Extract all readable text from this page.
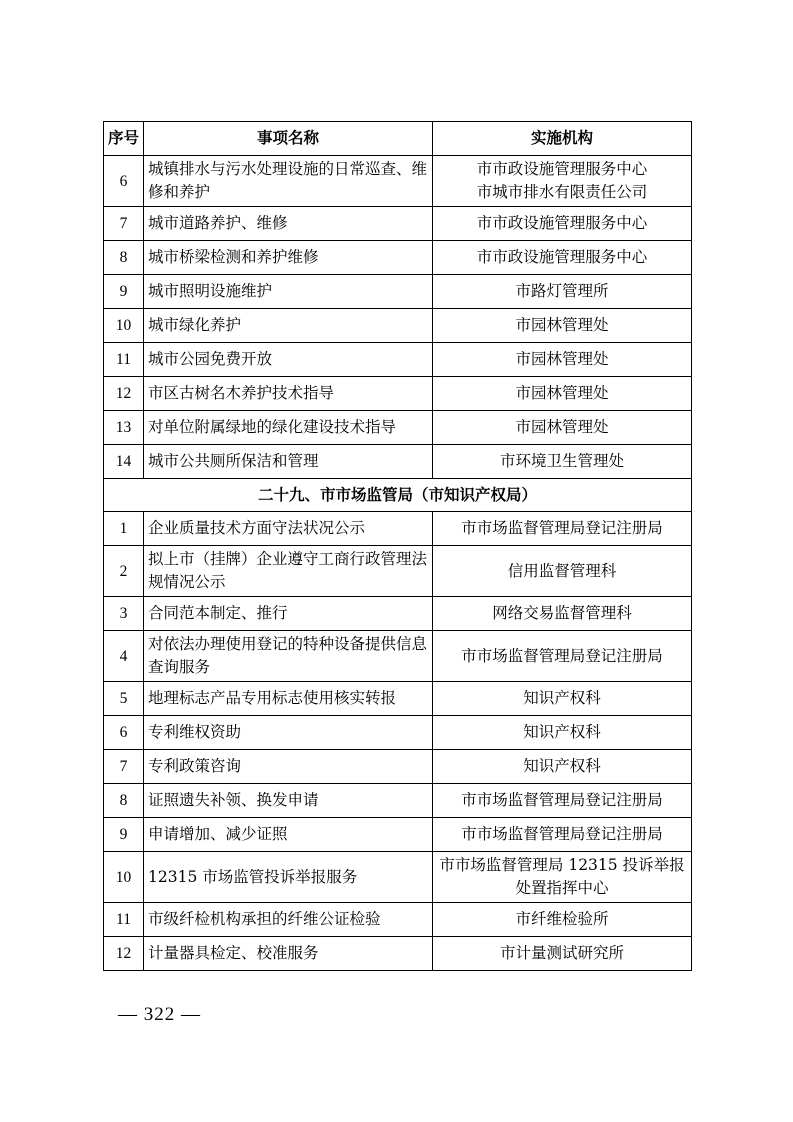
序号	事项名称	实施机构
6	城镇排水与污水处理设施的日常巡查、维修和养护	市市政设施管理服务中心
市城市排水有限责任公司
7	城市道路养护、维修	市市政设施管理服务中心
8	城市桥梁检测和养护维修	市市政设施管理服务中心
9	城市照明设施维护	市路灯管理所
10	城市绿化养护	市园林管理处
11	城市公园免费开放	市园林管理处
12	市区古树名木养护技术指导	市园林管理处
13	对单位附属绿地的绿化建设技术指导	市园林管理处
14	城市公共厕所保洁和管理	市环境卫生管理处
二十九、市市场监管局（市知识产权局）		
1	企业质量技术方面守法状况公示	市市场监督管理局登记注册局
2	拟上市（挂牌）企业遵守工商行政管理法规情况公示	信用监督管理科
3	合同范本制定、推行	网络交易监督管理科
4	对依法办理使用登记的特种设备提供信息查询服务	市市场监督管理局登记注册局
5	地理标志产品专用标志使用核实转报	知识产权科
6	专利维权资助	知识产权科
7	专利政策咨询	知识产权科
8	证照遗失补领、换发申请	市市场监督管理局登记注册局
9	申请增加、减少证照	市市场监督管理局登记注册局
10	12315 市场监管投诉举报服务	市市场监督管理局 12315 投诉举报处置指挥中心
11	市级纤检机构承担的纤维公证检验	市纤维检验所
12	计量器具检定、校准服务	市计量测试研究所
— 322 —
